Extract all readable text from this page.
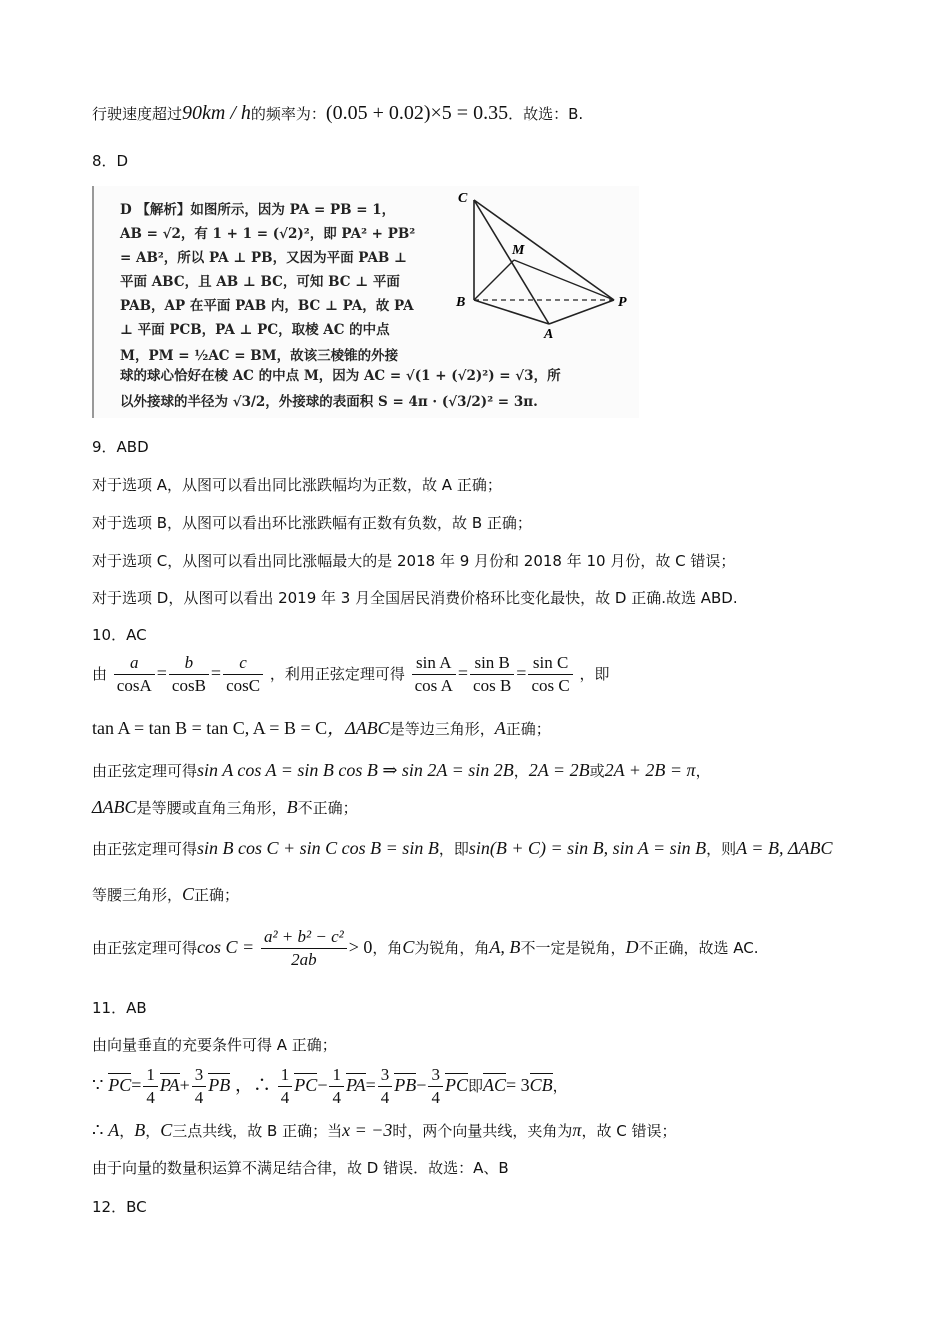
行驶速度超过90km / h的频率为：(0.05 + 0.02)×5 = 0.35．故选：B.
8．D
D 【解析】如图所示，因为 PA = PB = 1，
AB = √2，有 1 + 1 = (√2)²，即 PA² + PB²
= AB²，所以 PA ⊥ PB，又因为平面 PAB ⊥
平面 ABC，且 AB ⊥ BC，可知 BC ⊥ 平面
PAB，AP 在平面 PAB 内，BC ⊥ PA，故 PA
⊥ 平面 PCB，PA ⊥ PC，取棱 AC 的中点
M，PM = ½AC = BM，故该三棱锥的外接
球的球心恰好在棱 AC 的中点 M，因为 AC = √(1 + (√2)²) = √3，所
以外接球的半径为 √3/2，外接球的表面积 S = 4π · (√3/2)² = 3π.
C
M
B	P
A
9．ABD
对于选项 A，从图可以看出同比涨跌幅均为正数，故 A 正确；
对于选项 B，从图可以看出环比涨跌幅有正数有负数，故 B 正确；
对于选项 C，从图可以看出同比涨幅最大的是 2018 年 9 月份和 2018 年 10 月份，故 C 错误；
对于选项 D，从图可以看出 2019 年 3 月全国居民消费价格环比变化最快，故 D 正确.故选 ABD.
10．AC
由 $\frac{a}{\cos A} = \frac{b}{\cos B} = \frac{c}{\cos C}$ ，利用正弦定理可得 $\frac{\text{sin A}}{\text{cos A}} = \frac{\text{sin B}}{\text{cos B}} = \frac{\text{sin C}}{\text{cos C}}$ ，即
tan A = tan B = tan C, A = B = C，ΔABC是等边三角形，A正确；
由正弦定理可得sin A cos A = sin B cos B ⇒ sin 2A = sin 2B，2A = 2B或2A + 2B = π，
ΔABC是等腰或直角三角形，B不正确；
由正弦定理可得sin B cos C + sin C cos B = sin B，即sin(B + C) = sin B, sin A = sin B，则A = B, ΔABC
等腰三角形，C正确；
由正弦定理可得$\cos C = \frac{\text{a² + b² − c²}}{2ab} > 0$，角C为锐角，角A, B不一定是锐角，D不正确，故选 AC.
11．AB
由向量垂直的充要条件可得 A 正确；
∵ $PC= \frac{1}{4} PA+ \frac{3}{4}$ PB ，∴ $\frac{1}{4} PC- \frac{1}{4} PA= \frac{3}{4} PB- \frac{3}{4}$ PC即AC= 3CB，
∴ A，B，C三点共线，故 B 正确；当x = −3时，两个向量共线，夹角为π，故 C 错误；
由于向量的数量积运算不满足结合律，故 D 错误．故选：A、B
12．BC
